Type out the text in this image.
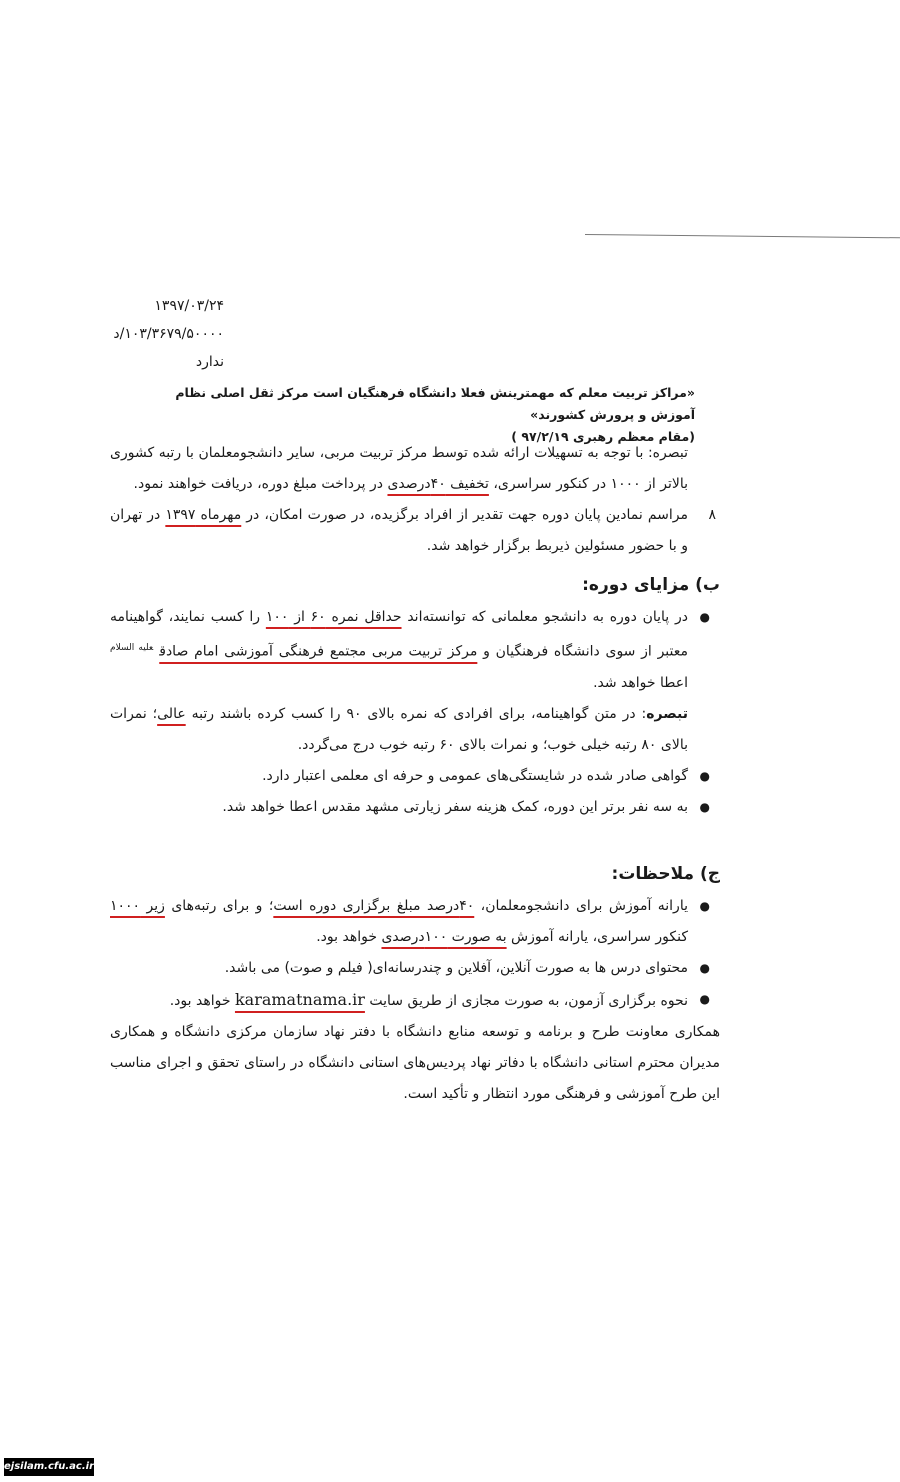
۱۳۹۷/۰۳/۲۴
۱۰۳/۳۶۷۹/۵۰۰۰۰/د
ندارد
«مراکز تربیت معلم که مهمترینش فعلا دانشگاه فرهنگیان است مرکز ثقل اصلی نظام آموزش و پرورش کشورند»
(مقام معظم رهبری ۹۷/۲/۱۹ )

تبصره: با توجه به تسهیلات ارائه شده توسط مرکز تربیت مربی، سایر دانشجومعلمان با رتبه کشوری بالاتر از ۱۰۰۰ در کنکور سراسری، تخفیف ۴۰درصدی در پرداخت مبلغ دوره، دریافت خواهند نمود.

۸
مراسم نمادین پایان دوره جهت تقدیر از افراد برگزیده، در صورت امکان، در مهرماه ۱۳۹۷ در تهران و با حضور مسئولین ذیربط برگزار خواهد شد.

ب) مزایای دوره:

●
در پایان دوره به دانشجو معلمانی که توانسته‌اند حداقل نمره ۶۰ از ۱۰۰ را کسب نمایند، گواهینامه معتبر از سوی دانشگاه فرهنگیان و مرکز تربیت مربی مجتمع فرهنگی آموزشی امام صادق$^{علیه السلام}$ اعطا خواهد شد.

تبصره: در متن گواهینامه، برای افرادی که نمره بالای ۹۰ را کسب کرده باشند رتبه عالی؛ نمرات بالای ۸۰ رتبه خیلی خوب؛ و نمرات بالای ۶۰ رتبه خوب درج می‌گردد.

●
گواهی صادر شده در شایستگی‌های عمومی و حرفه ای معلمی اعتبار دارد.

●
به سه نفر برتر این دوره، کمک هزینه سفر زیارتی مشهد مقدس اعطا خواهد شد.

ج) ملاحظات:

●
یارانه آموزش برای دانشجومعلمان، ۴۰درصد مبلغ برگزاری دوره است؛ و برای رتبه‌های زیر ۱۰۰۰ کنکور سراسری، یارانه آموزش به صورت ۱۰۰درصدی خواهد بود.

●
محتوای درس ها به صورت آنلاین، آفلاین و چندرسانه‌ای( فیلم و صوت) می باشد.

●
نحوه برگزاری آزمون، به صورت مجازی از طریق سایت karamatnama.ir خواهد بود.

همکاری معاونت طرح و برنامه و توسعه منابع دانشگاه با دفتر نهاد سازمان مرکزی دانشگاه و همکاری مدیران محترم استانی دانشگاه با دفاتر نهاد پردیس‌های استانی دانشگاه در راستای تحقق و اجرای مناسب این طرح آموزشی و فرهنگی مورد انتظار و تأکید است.

ejsilam.cfu.ac.ir
